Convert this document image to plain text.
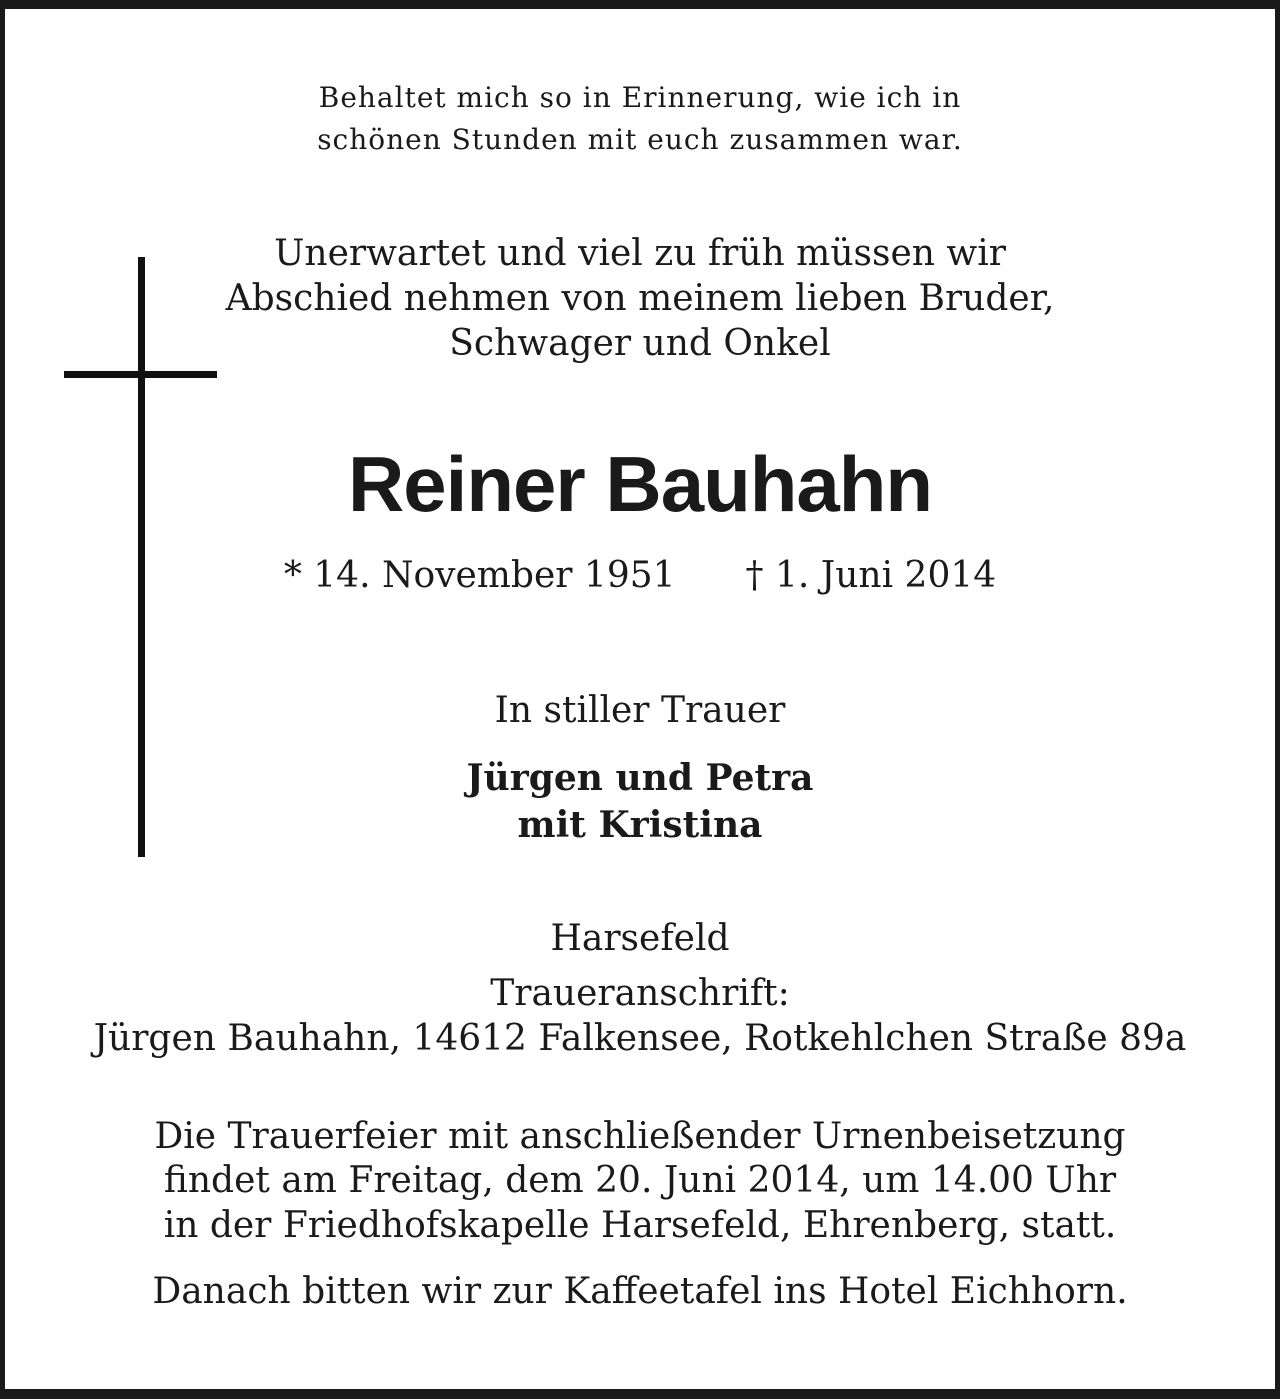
Behaltet mich so in Erinnerung, wie ich in

schönen Stunden mit euch zusammen war.

Unerwartet und viel zu früh müssen wir

Abschied nehmen von meinem lieben Bruder,

Schwager und Onkel

Reiner Bauhahn

* 14. November 1951 † 1. Juni 2014

In stiller Trauer

Jürgen und Petra

mit Kristina

Harsefeld

Traueranschrift:

Jürgen Bauhahn, 14612 Falkensee, Rotkehlchen Straße 89a

Die Trauerfeier mit anschließender Urnenbeisetzung

findet am Freitag, dem 20. Juni 2014, um 14.00 Uhr

in der Friedhofskapelle Harsefeld, Ehrenberg, statt.

Danach bitten wir zur Kaffeetafel ins Hotel Eichhorn.
